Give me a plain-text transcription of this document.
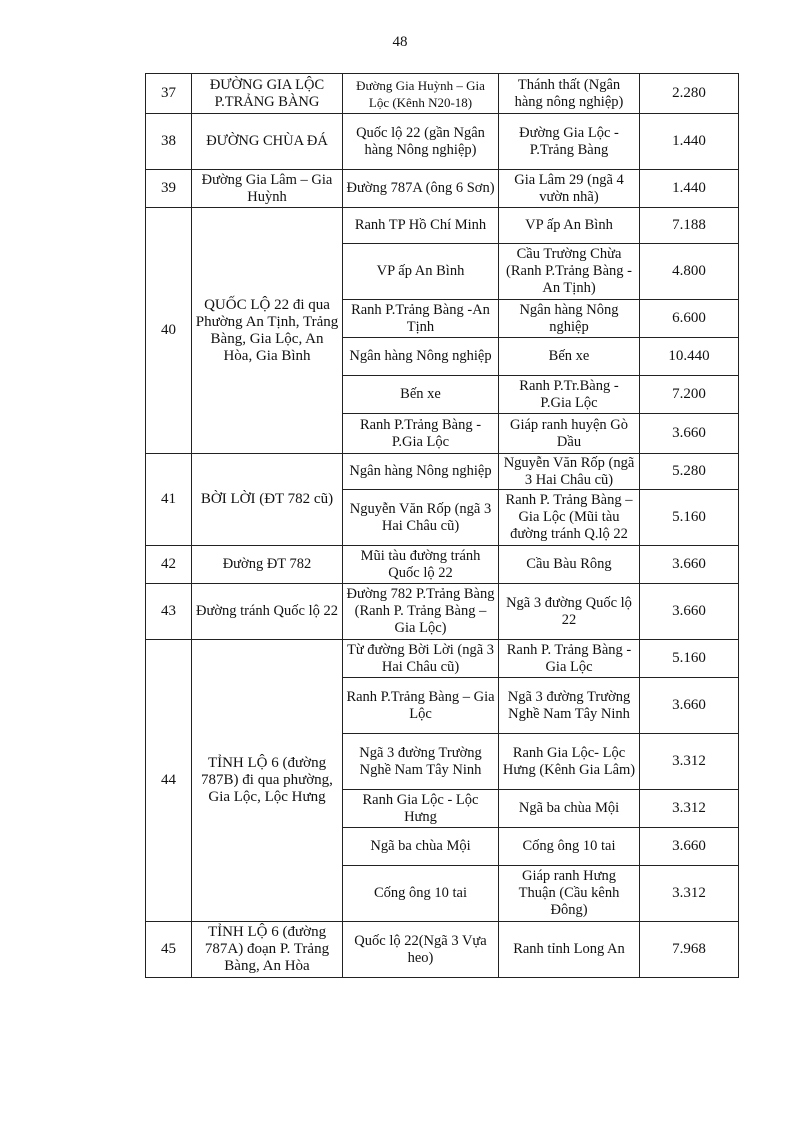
48
37	ĐƯỜNG GIA LỘC P.TRẢNG BÀNG	Đường Gia Huỳnh – Gia Lộc (Kênh N20-18)	Thánh thất (Ngân hàng nông nghiệp)	2.280
38	ĐƯỜNG CHÙA ĐÁ	Quốc lộ 22 (gần Ngân hàng Nông nghiệp)	Đường Gia Lộc - P.Trảng Bàng	1.440
39	Đường Gia Lâm – Gia Huỳnh	Đường 787A (ông 6 Sơn)	Gia Lâm 29 (ngã 4 vườn nhã)	1.440
40	QUỐC LỘ 22 đi qua Phường An Tịnh, Trảng Bàng, Gia Lộc, An Hòa, Gia Bình	Ranh TP Hồ Chí Minh	VP ấp An Bình	7.188
		VP ấp An Bình	Cầu Trường Chừa (Ranh P.Trảng Bàng -An Tịnh)	4.800
		Ranh P.Trảng Bàng -An Tịnh	Ngân hàng Nông nghiệp	6.600
		Ngân hàng Nông nghiệp	Bến xe	10.440
		Bến xe	Ranh P.Tr.Bàng - P.Gia Lộc	7.200
		Ranh P.Trảng Bàng - P.Gia Lộc	Giáp ranh huyện Gò Dầu	3.660
41	BỜI LỜI (ĐT 782 cũ)	Ngân hàng Nông nghiệp	Nguyễn Văn Rốp (ngã 3 Hai Châu cũ)	5.280
		Nguyễn Văn Rốp (ngã 3 Hai Châu cũ)	Ranh P. Trảng Bàng – Gia Lộc (Mũi tàu đường tránh Q.lộ 22	5.160
42	Đường ĐT 782	Mũi tàu đường tránh Quốc lộ 22	Cầu Bàu Rông	3.660
43	Đường tránh Quốc lộ 22	Đường 782 P.Trảng Bàng (Ranh P. Trảng Bàng – Gia Lộc)	Ngã 3 đường Quốc lộ 22	3.660
44	TỈNH LỘ 6 (đường 787B) đi qua phường, Gia Lộc, Lộc Hưng	Từ đường Bời Lời (ngã 3 Hai Châu cũ)	Ranh P. Trảng Bàng - Gia Lộc	5.160
		Ranh P.Trảng Bàng – Gia Lộc	Ngã 3 đường Trường Nghề Nam Tây Ninh	3.660
		Ngã 3 đường Trường Nghề Nam Tây Ninh	Ranh Gia Lộc- Lộc Hưng (Kênh Gia Lâm)	3.312
		Ranh Gia Lộc - Lộc Hưng	Ngã ba chùa Mội	3.312
		Ngã ba chùa Mội	Cống ông 10 tai	3.660
		Cống ông 10 tai	Giáp ranh Hưng Thuận (Cầu kênh Đông)	3.312
45	TỈNH LỘ 6 (đường 787A) đoạn P. Trảng Bàng, An Hòa	Quốc lộ 22(Ngã 3 Vựa heo)	Ranh tỉnh Long An	7.968
